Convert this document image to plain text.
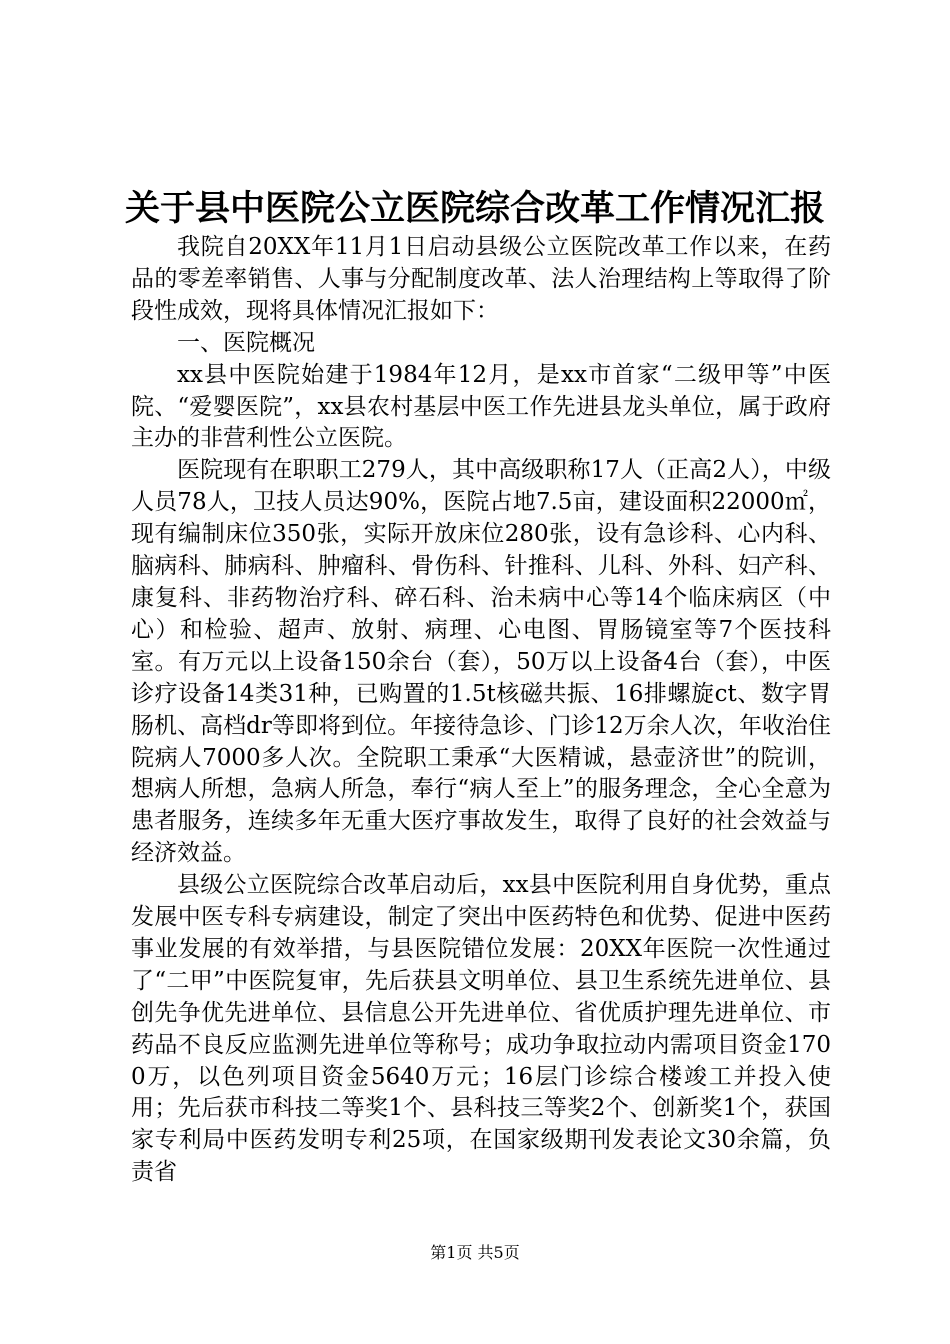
关于县中医院公立医院综合改革工作情况汇报

我院自20XX年11月1日启动县级公立医院改革工作以来，在药品的零差率销售、人事与分配制度改革、法人治理结构上等取得了阶段性成效，现将具体情况汇报如下：

一、医院概况

xx县中医院始建于1984年12月，是xx市首家“二级甲等”中医院、“爱婴医院”，xx县农村基层中医工作先进县龙头单位，属于政府主办的非营利性公立医院。

医院现有在职职工279人，其中高级职称17人（正高2人），中级人员78人，卫技人员达90%，医院占地7.5亩，建设面积22000㎡，现有编制床位350张，实际开放床位280张，设有急诊科、心内科、脑病科、肺病科、肿瘤科、骨伤科、针推科、儿科、外科、妇产科、康复科、非药物治疗科、碎石科、治未病中心等14个临床病区（中心）和检验、超声、放射、病理、心电图、胃肠镜室等7个医技科室。有万元以上设备150余台（套），50万以上设备4台（套），中医诊疗设备14类31种，已购置的1.5t核磁共振、16排螺旋ct、数字胃肠机、高档dr等即将到位。年接待急诊、门诊12万余人次，年收治住院病人7000多人次。全院职工秉承“大医精诚，悬壶济世”的院训，想病人所想，急病人所急，奉行“病人至上”的服务理念，全心全意为患者服务，连续多年无重大医疗事故发生，取得了良好的社会效益与经济效益。

县级公立医院综合改革启动后，xx县中医院利用自身优势，重点发展中医专科专病建设，制定了突出中医药特色和优势、促进中医药事业发展的有效举措，与县医院错位发展：20XX年医院一次性通过了“二甲”中医院复审，先后获县文明单位、县卫生系统先进单位、县创先争优先进单位、县信息公开先进单位、省优质护理先进单位、市药品不良反应监测先进单位等称号；成功争取拉动内需项目资金1700万，以色列项目资金5640万元；16层门诊综合楼竣工并投入使用；先后获市科技二等奖1个、县科技三等奖2个、创新奖1个，获国家专利局中医药发明专利25项，在国家级期刊发表论文30余篇，负责省

第1页 共5页
